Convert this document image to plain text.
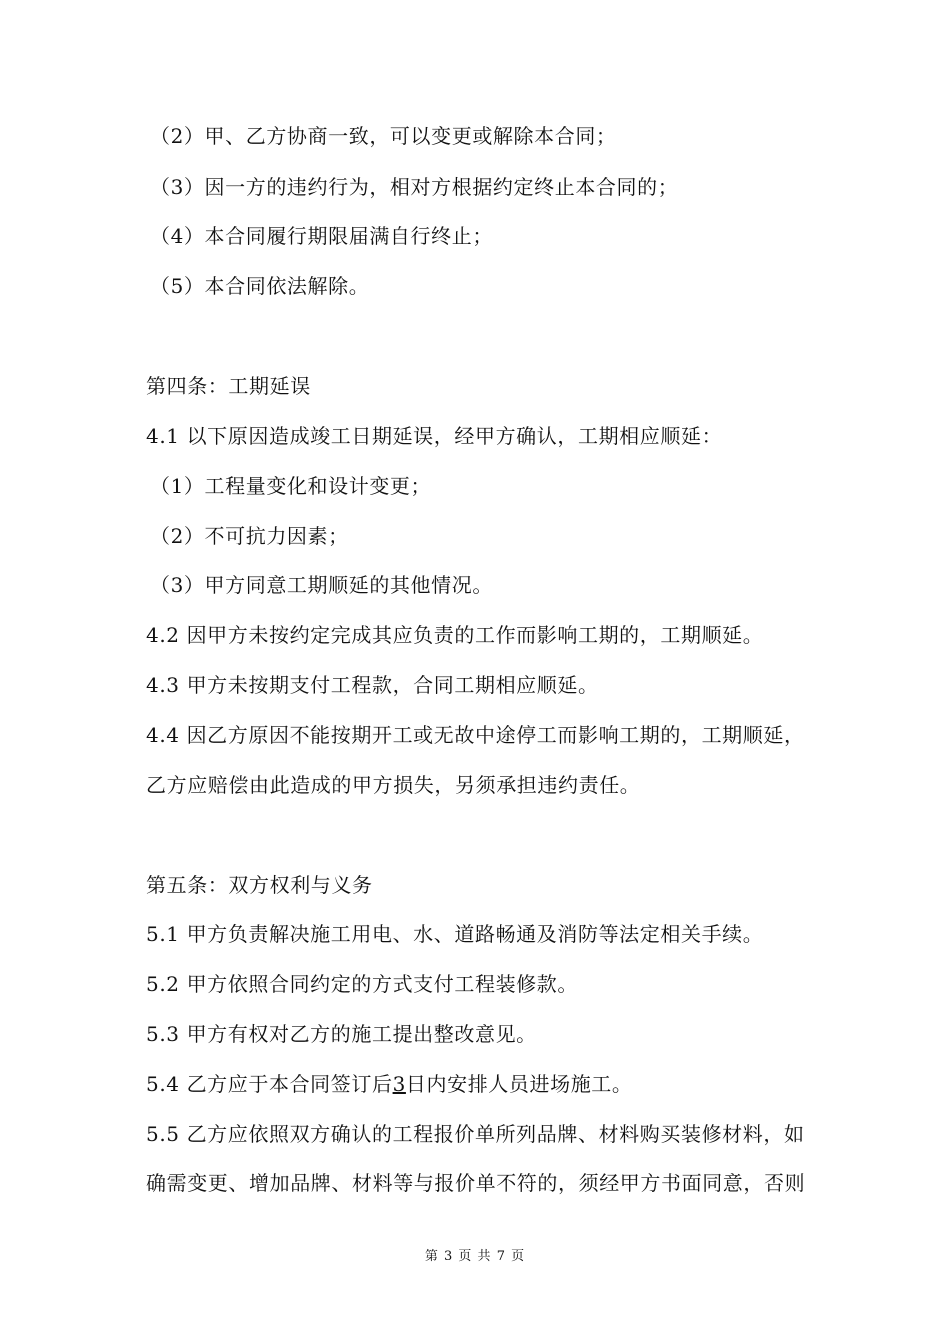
（2）甲、乙方协商一致，可以变更或解除本合同；
（3）因一方的违约行为，相对方根据约定终止本合同的；
（4）本合同履行期限届满自行终止；
（5）本合同依法解除。
第四条：工期延误
4.1 以下原因造成竣工日期延误，经甲方确认，工期相应顺延：
（1）工程量变化和设计变更；
（2）不可抗力因素；
（3）甲方同意工期顺延的其他情况。
4.2 因甲方未按约定完成其应负责的工作而影响工期的，工期顺延。
4.3 甲方未按期支付工程款，合同工期相应顺延。
4.4 因乙方原因不能按期开工或无故中途停工而影响工期的，工期顺延，
乙方应赔偿由此造成的甲方损失，另须承担违约责任。
第五条：双方权利与义务
5.1 甲方负责解决施工用电、水、道路畅通及消防等法定相关手续。
5.2 甲方依照合同约定的方式支付工程装修款。
5.3 甲方有权对乙方的施工提出整改意见。
5.4 乙方应于本合同签订后3日内安排人员进场施工。
5.5 乙方应依照双方确认的工程报价单所列品牌、材料购买装修材料，如
确需变更、增加品牌、材料等与报价单不符的，须经甲方书面同意，否则
第 3 页 共 7 页
